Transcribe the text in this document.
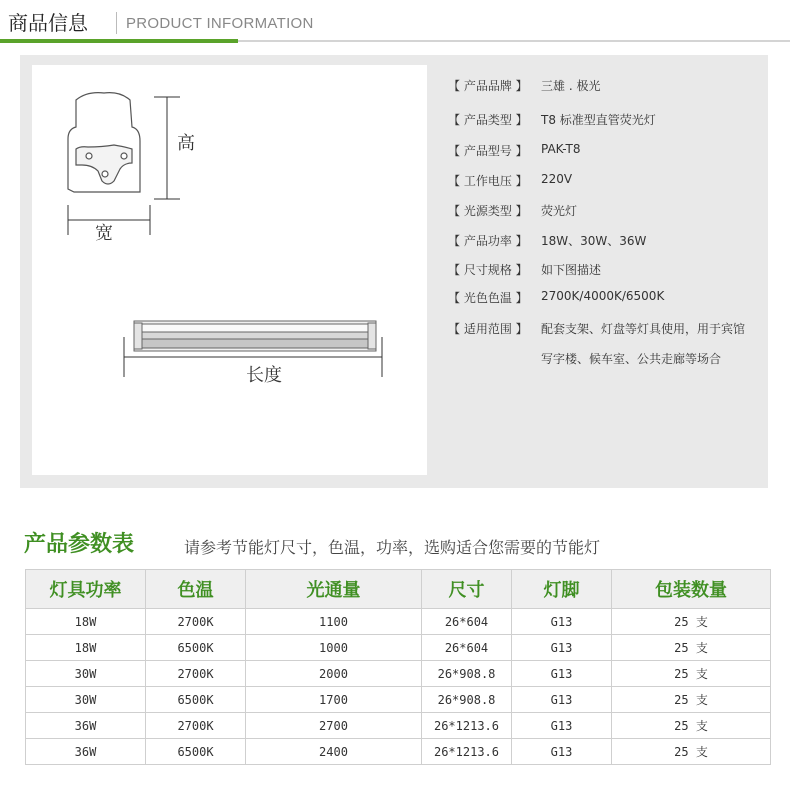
商品信息	PRODUCT INFORMATION
高
宽
长度
【 产品品牌 】 三雄 . 极光
【 产品类型 】 T8 标准型直管荧光灯
【 产品型号 】 PAK-T8
【 工作电压 】 220V
【 光源类型 】 荧光灯
【 产品功率 】 18W、30W、36W
【 尺寸规格 】 如下图描述
【 光色色温 】 2700K/4000K/6500K
【 适用范围 】 配套支架、灯盘等灯具使用，用于宾馆
写字楼、候车室、公共走廊等场合
产品参数表	请参考节能灯尺寸，色温，功率，选购适合您需要的节能灯
灯具功率	色温	光通量	尺寸	灯脚	包装数量
18W	2700K	1100	26*604	G13	25 支
18W	6500K	1000	26*604	G13	25 支
30W	2700K	2000	26*908.8	G13	25 支
30W	6500K	1700	26*908.8	G13	25 支
36W	2700K	2700	26*1213.6	G13	25 支
36W	6500K	2400	26*1213.6	G13	25 支
